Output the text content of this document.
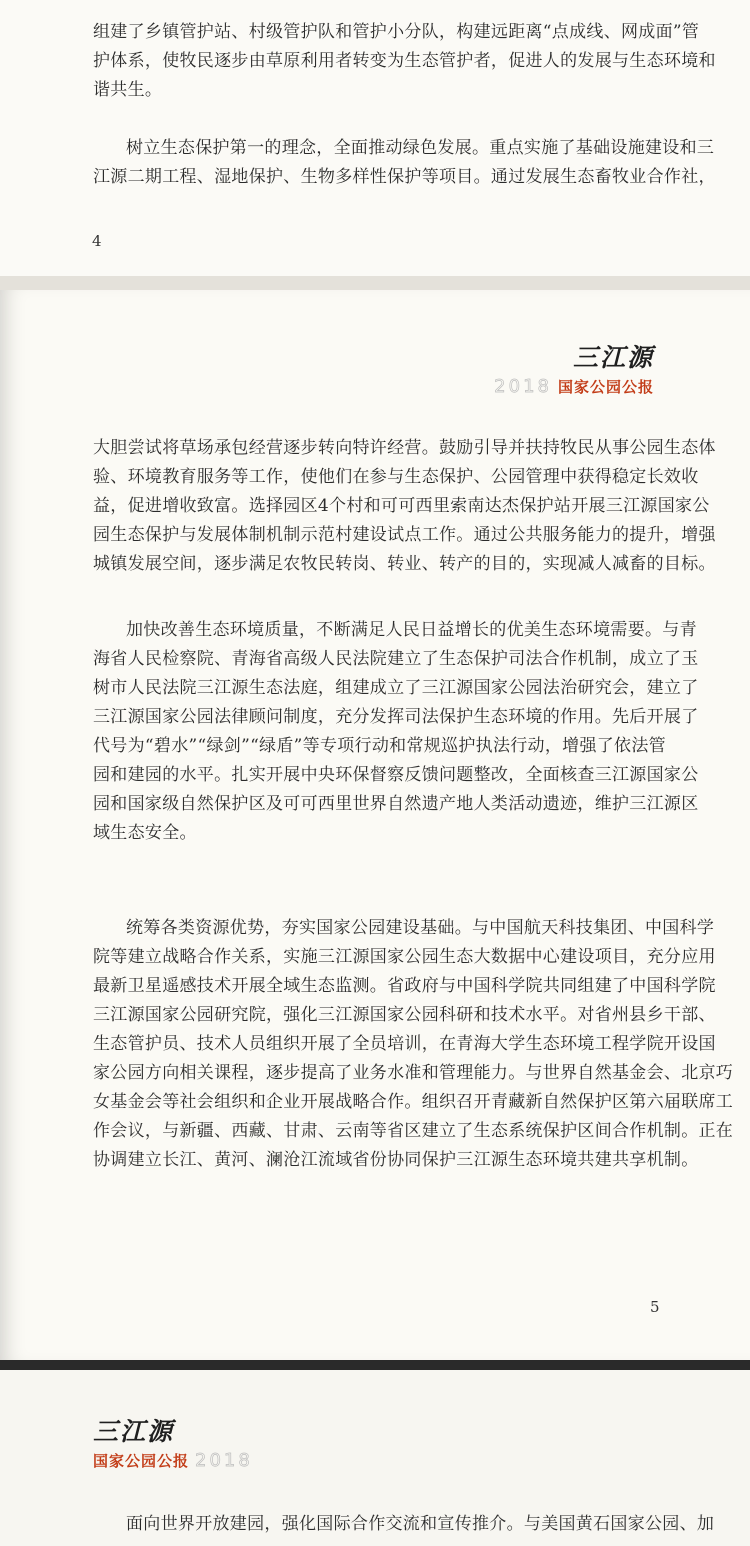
组建了乡镇管护站、村级管护队和管护小分队，构建远距离“点成线、网成面”管
护体系，使牧民逐步由草原利用者转变为生态管护者，促进人的发展与生态环境和
谐共生。

树立生态保护第一的理念，全面推动绿色发展。重点实施了基础设施建设和三
江源二期工程、湿地保护、生物多样性保护等项目。通过发展生态畜牧业合作社，

4
三江源
2018 国家公园公报

大胆尝试将草场承包经营逐步转向特许经营。鼓励引导并扶持牧民从事公园生态体
验、环境教育服务等工作，使他们在参与生态保护、公园管理中获得稳定长效收
益，促进增收致富。选择园区4个村和可可西里索南达杰保护站开展三江源国家公
园生态保护与发展体制机制示范村建设试点工作。通过公共服务能力的提升，增强
城镇发展空间，逐步满足农牧民转岗、转业、转产的目的，实现减人减畜的目标。

加快改善生态环境质量，不断满足人民日益增长的优美生态环境需要。与青
海省人民检察院、青海省高级人民法院建立了生态保护司法合作机制，成立了玉
树市人民法院三江源生态法庭，组建成立了三江源国家公园法治研究会，建立了
三江源国家公园法律顾问制度，充分发挥司法保护生态环境的作用。先后开展了
代号为“碧水”“绿剑”“绿盾”等专项行动和常规巡护执法行动，增强了依法管
园和建园的水平。扎实开展中央环保督察反馈问题整改，全面核查三江源国家公
园和国家级自然保护区及可可西里世界自然遗产地人类活动遗迹，维护三江源区
域生态安全。

统筹各类资源优势，夯实国家公园建设基础。与中国航天科技集团、中国科学
院等建立战略合作关系，实施三江源国家公园生态大数据中心建设项目，充分应用
最新卫星遥感技术开展全域生态监测。省政府与中国科学院共同组建了中国科学院
三江源国家公园研究院，强化三江源国家公园科研和技术水平。对省州县乡干部、
生态管护员、技术人员组织开展了全员培训，在青海大学生态环境工程学院开设国
家公园方向相关课程，逐步提高了业务水准和管理能力。与世界自然基金会、北京巧
女基金会等社会组织和企业开展战略合作。组织召开青藏新自然保护区第六届联席工
作会议，与新疆、西藏、甘肃、云南等省区建立了生态系统保护区间合作机制。正在
协调建立长江、黄河、澜沧江流域省份协同保护三江源生态环境共建共享机制。

5
三江源
国家公园公报 2018

面向世界开放建园，强化国际合作交流和宣传推介。与美国黄石国家公园、加
